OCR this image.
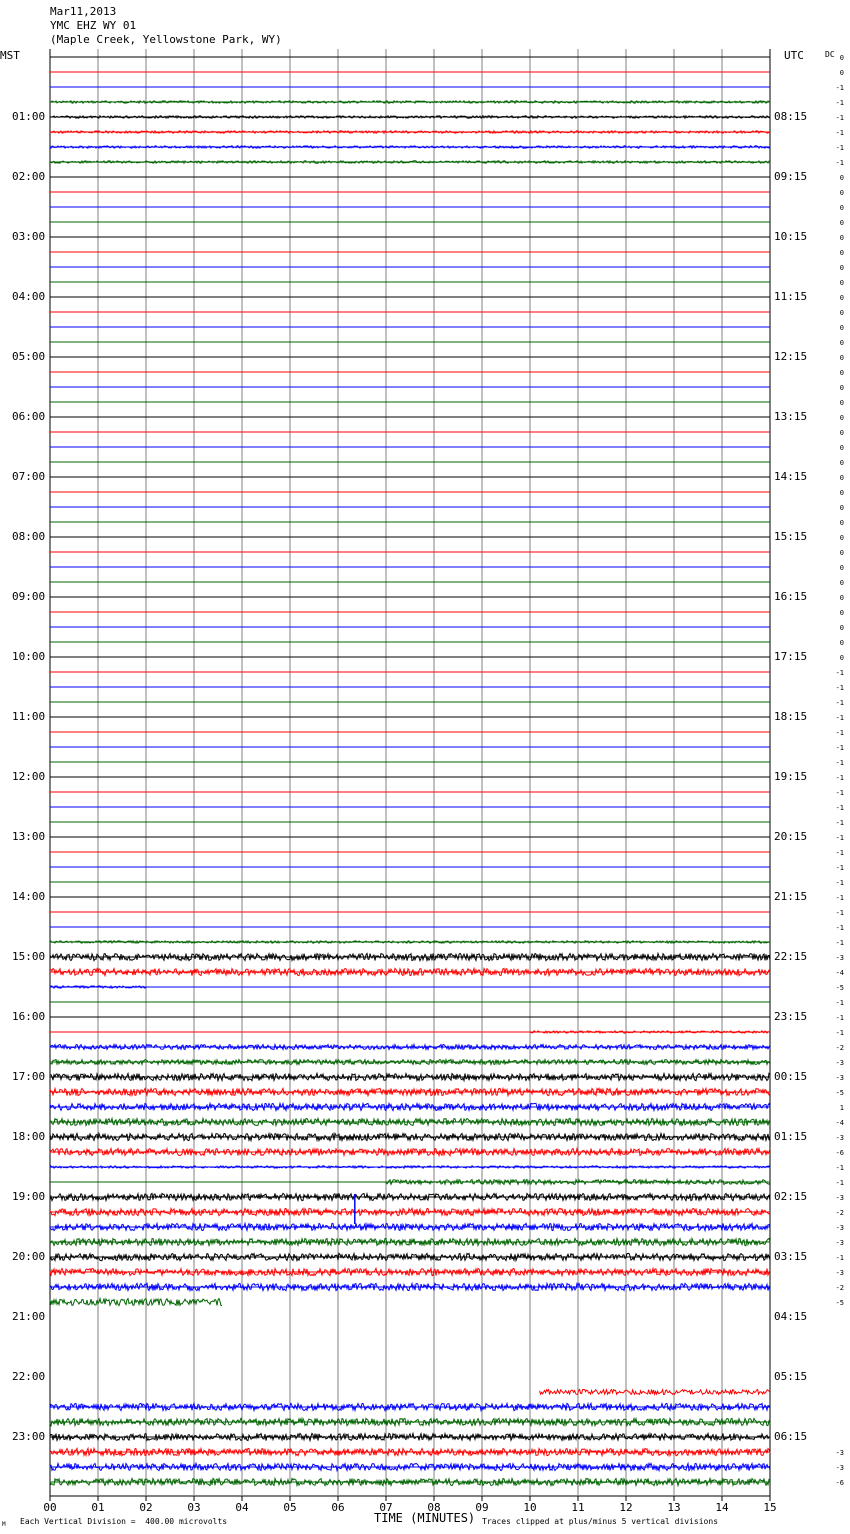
Mar11,2013
YMC EHZ WY 01
(Maple Creek, Yellowstone Park, WY)
MST	UTC	DC
00	01	02	03	04	05	06	07	08	09	10	11	12	13	14	15
0
0
-1
-1
-1
-1
-1
-1
0
0
0
0
0
0
0
0
0
0
0
0
0
0
0
0
0
0
0
0
0
0
0
0
0
0
0
0
0
0
0
0
0
-1
-1
-1
-1
-1
-1
-1
-1
-1
-1
-1
-1
-1
-1
-1
-1
-1
-1
-1
-3
-4
-5
-1
-1
-1
-2
-3
-3
-5
1
-4
-3
-6
-1
-1
-3
-2
-3
-3
-1
-3
-2
-5
-3
-3
-6
TIME (MINUTES)
Each Vertical Division =  400.00 microvolts	Traces clipped at plus/minus 5 vertical divisions
M
01:00
02:00
03:00
04:00
05:00
06:00
07:00
08:00
09:00
10:00
11:00
12:00
13:00
14:00
15:00
16:00
17:00
18:00
19:00
20:00
21:00
22:00
23:00
08:15
09:15
10:15
11:15
12:15
13:15
14:15
15:15
16:15
17:15
18:15
19:15
20:15
21:15
22:15
23:15
00:15
01:15
02:15
03:15
04:15
05:15
06:15
